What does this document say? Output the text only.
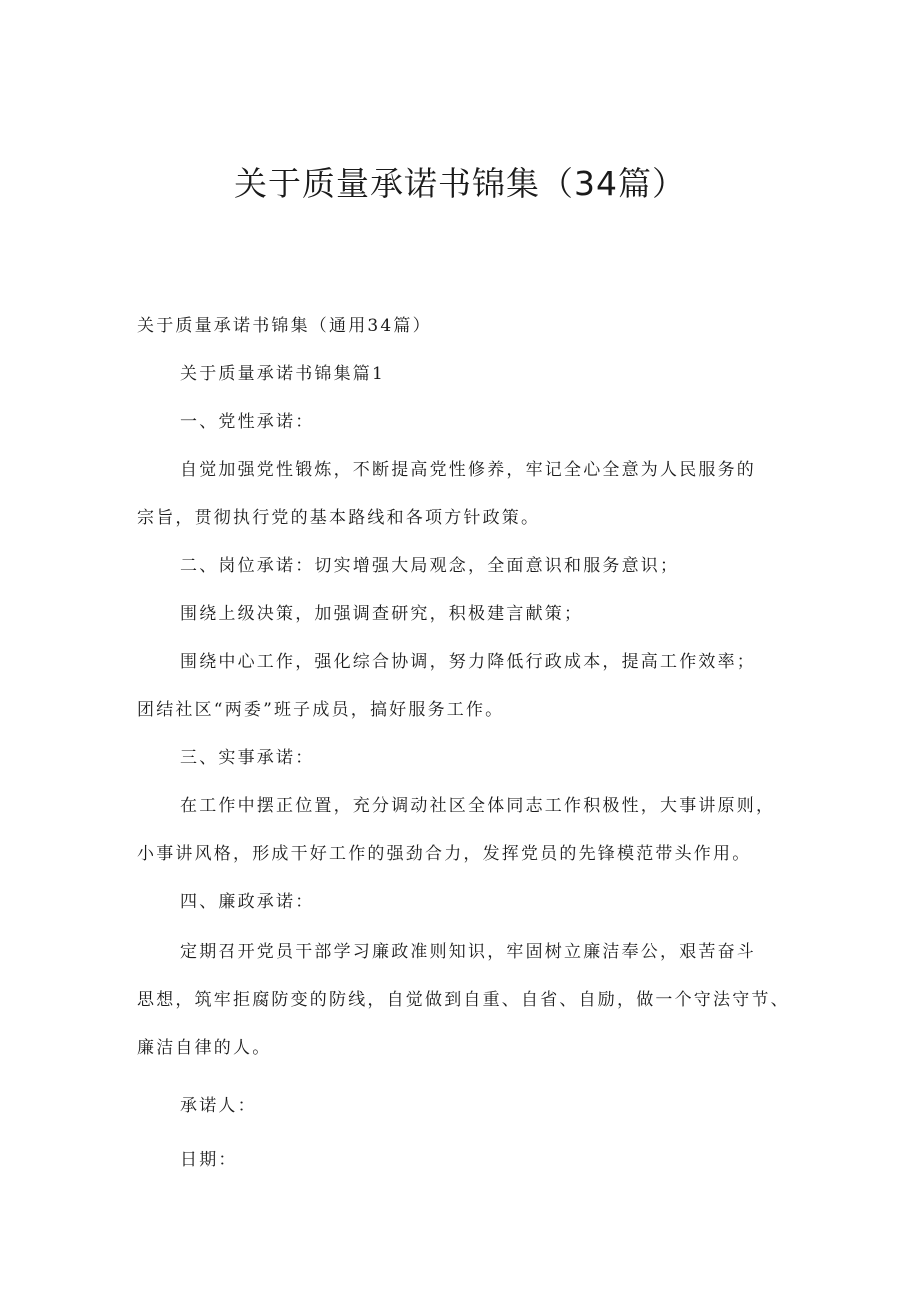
关于质量承诺书锦集（34篇）
关于质量承诺书锦集（通用34篇）
关于质量承诺书锦集篇1
一、党性承诺：
自觉加强党性锻炼，不断提高党性修养，牢记全心全意为人民服务的
宗旨，贯彻执行党的基本路线和各项方针政策。
二、岗位承诺：切实增强大局观念，全面意识和服务意识；
围绕上级决策，加强调查研究，积极建言献策；
围绕中心工作，强化综合协调，努力降低行政成本，提高工作效率；
团结社区“两委”班子成员，搞好服务工作。
三、实事承诺：
在工作中摆正位置，充分调动社区全体同志工作积极性，大事讲原则，
小事讲风格，形成干好工作的强劲合力，发挥党员的先锋模范带头作用。
四、廉政承诺：
定期召开党员干部学习廉政准则知识，牢固树立廉洁奉公，艰苦奋斗
思想，筑牢拒腐防变的防线，自觉做到自重、自省、自励，做一个守法守节、
廉洁自律的人。
承诺人：
日期：
